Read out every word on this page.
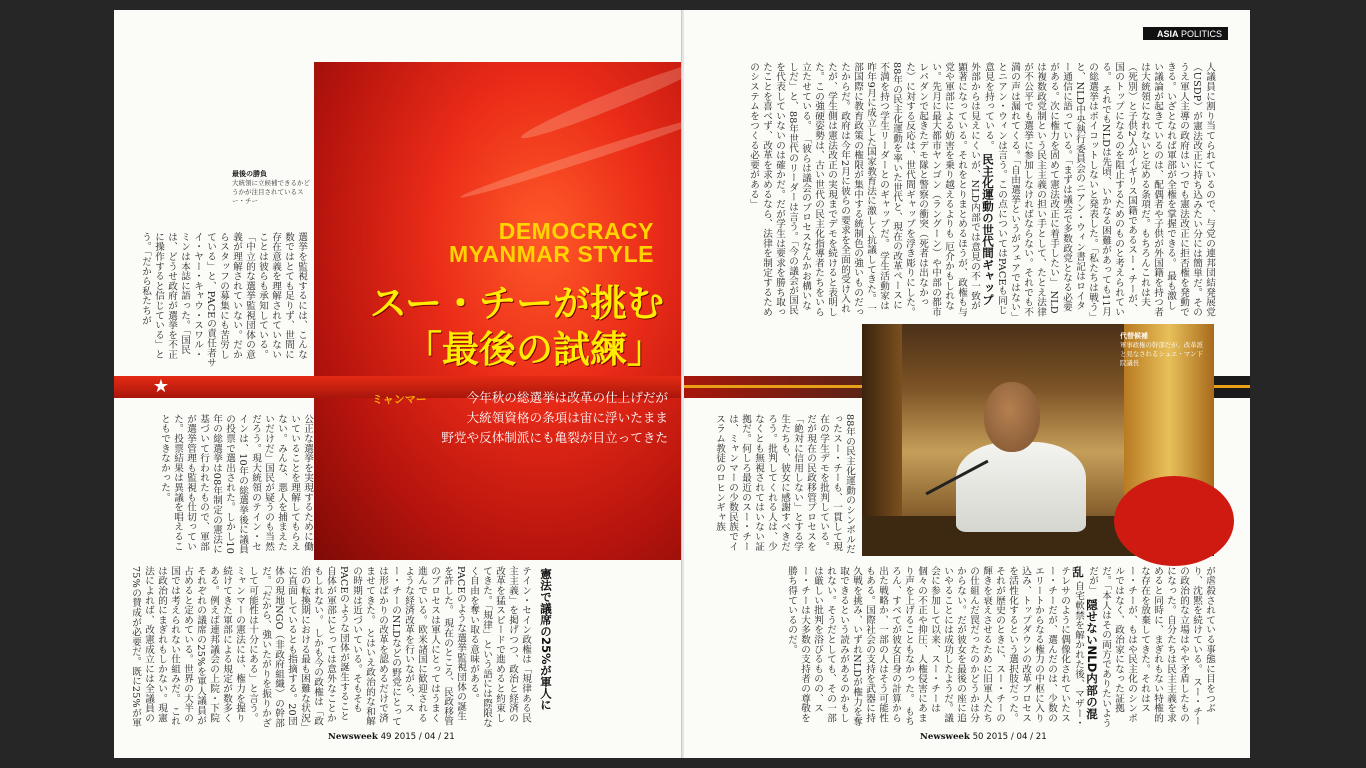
選挙を監視するには、こんな数ではとても足りず、世間に存在意義を理解されていないことは彼らも承知している。「中立的な選挙監視団体の意義が理解されていない。だからスタッフの募集にも苦労している」と、PACEの責任者サイ・ヤー・キャウ・スワル・ミンは本誌に語った。「国民は、どうせ政府が選挙を不正に操作すると信じている」とう。「だから私たちが
最後の勝負
大統領に立候補できるかどうかが注目されているスー・チー
DEMOCRACY
MYANMAR STYLE
スー・チーが挑む
「最後の試練」
★
ミャンマー	今年秋の総選挙は改革の仕上げだが
大統領資格の条項は宙に浮いたまま
野党や反体制派にも亀裂が目立ってきた
公正な選挙を実現するために働いていることを理解してもらえない。みんな、悪人を捕まえたいだけだ」国民が疑うのも当然だろう。現大統領のテイン・セインは、10年の総選挙後に議員の投票で選出された。しかし10年の総選挙は08年制定の憲法に基づいて行われたもので、軍部が選挙管理も監視も仕切っていた。投票結果は異議を唱えることもできなかった。
憲法で議席の25%が軍人に
テイン・セイン政権は「規律ある民主主義」を掲げつつ、政治と経済の改革を猛スピードで進めると約束してきた。「規律」という語には際限なく自由を奪い取る意味がある。PACEのような選挙監視団体の誕生を許した。 現在のところ、民政移管のプロセスは軍人にとってはうまく進んでいる。欧米諸国に歓迎されるような経済改革を行いながら、スー・チーのNLDなどの野党にとっては形ばかりの改革を認めるだけで済ませてきた。 とはいえ政治的な和解の時期は近づいている。そもそもPACEのような団体が誕生すること自体が軍部にとっては意外なことかもしれない。 しかも今の政権は「政治の転換期における最も困難な状況」に直面しているとも指摘する。20団体の現地NGO（非政府組織）の幹部だ。「だから、強いたがりを振りかざして可能性は十分にある」と言う。 ミャンマーの憲法には、権力を握り続けてきた軍部による規定が数多くある。例えば連邦議会の上院・下院それぞれの議席の25%を軍人議員が占めると定めている。世界の大半の国では考えられない仕組みだ。 これは政治的にまぎれもしかない。現憲法によれば、改憲成立には全議員の75%の賛成が必要だ。既に25%が軍
Newsweek 49 2015 / 04 / 21
ASIA POLITICS
人議員に割り当てられているので、与党の連邦団結発展党（USDP）が憲法改正に持ち込みたい分には簡単だ。そのうえ軍人主導の政府はいつでも憲法改正に拒否権を発動できる。いざとなれば軍部が全権を掌握できる。 最も激しい議論が起きているのは、配偶者や子供が外国籍を持つ者は大統領になれないと定める条項だ。もちろんこれは夫（死別）と子供2人がイギリス国籍であるスー・チーが、国のトップになるのを阻止するためのものと考えられている。 それでもNLDは先頃、いかなる困難があっても11月の総選挙はボイコットしないと発表した。「私たちは戦う」と、NLD中央執行委員会のニアン・ウィン書記はロイター通信に語っている。「まずは議会で多数政党となる必要がある。次に権力を固めて憲法改正に着手したい」 NLDは複数政党制という民主主義の担い手として、たとえ法律が不公平でも選挙に参加しなければならない。それでも不満の声は漏れてくる。「自由選挙というがフェアではない」とニアン・ウィンは言う。この点についてはPACEも同じ意見を持っている。 民主化運動の世代間ギャップ 外部からは見えにくいが、NLD内部では意見の不一致が顕著になっている。それをとりまとめるほうが、政権も与党や軍部による妨害を乗り越えるよりも 厄介かもしれない。先月に最大都市ヤンゴン（ラングーン）や中部の都市レパダンで起きたデモ隊と警察の衝突（死者は出なかった）に対する反応は、世代間ギャップを浮き彫りにした。88年の民主化運動を率いた世代と、現在の改革ペースに不満を持つ学生リーダーとのギャップだ。 学生活動家は昨年9月に成立した国家教育法に激しく抗議してきた。一部国際に教育政策の権限が集中する統制色の強いものだったからだ。政府は今年2月に彼らの要求を全面的受け入れたが、学生側は憲法改正の実現までデモを続けると表明した。この強硬姿勢は、古い世代の民主化指導者たちをいら立たせている。 「彼らは議会のプロセスなんかお構いなしだ」と、88年世代のリーダーは言う。「今の議会が国民を代表していないのは確かだ。だが学生は要求を勝ち取ったことを喜べず、改革を求めるなら、法律を制定するためのシステムをつくる必要がある」
代替候補
軍事政権の幹部だが、改革派と見なされるシュエ・マン下院議長
88年の民主化運動のシンボルだったスー・チーも、一貫して現在の学生デモを批判している。だが現在の民政移管プロセスを「絶対に信用しない」とする学生たちも、彼女に感謝すべきだろう。批判してくれる人は、少なくとも無視されてはいない証拠だ。何しろ最近のスー・チーは、ミャンマーの少数民族でイスラム教徒のロヒンギャ族
が虐殺されている事態に目をつぶり、沈黙を続けている。 スー・チーの政治的な立場はやや矛盾したものになった。自分たちは民主主義を求めると同時に、まぎれもない特権的な存在を放棄してきた。それはスー・チーが、もはや民主化のシンボルではなく、政治家になった証拠だ。「本人はその両方でありたいようだが」 隠せないNLD内部の混乱 自宅軟禁を解かれた後、マザー・テレサのように偶像化されていたスー・チーだが、選んだのは、少数のエリートからなる権力の中枢に入り込み、トップダウンの改革プロセスを活性化するという選択肢だった。 それが歴史のときに、スー・チーの輝きを衰えさせるために旧軍人たちの仕組んだ罠だったのかどうかは分からない。だが彼女を最後の座に追いやることには成功したようだ。議会に参加して以来、スー・チーは個々の不正や抑圧、人権侵害にあまり声を上げることもなかった。 もちろん、すべてが彼女自身の計算から出た戦略か、一部の人はそう可能性もある。国際社会の支持を武器に持久戦を挑み、いずれNLDが権力を奪取できるという読みがあるのかもしれない。そうだとしても、その一部は厳しい批判を浴びるものの、スー・チーは大多数の支持者の尊敬を勝ち得ているのだ。
Newsweek 50 2015 / 04 / 21
